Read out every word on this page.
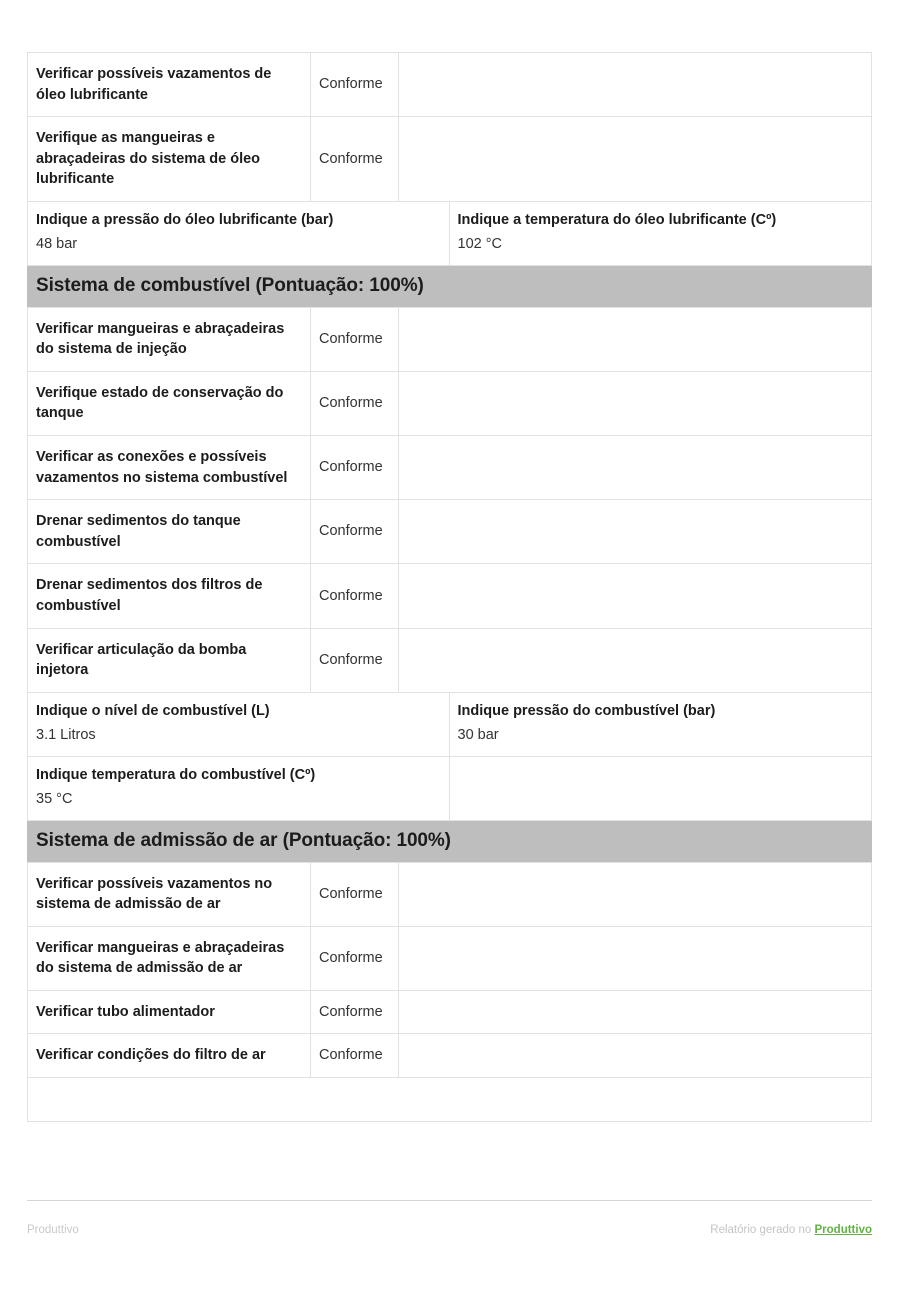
Verificar possíveis vazamentos de óleo lubrificante
Conforme
Verifique as mangueiras e abraçadeiras do sistema de óleo lubrificante
Conforme
Indique a pressão do óleo lubrificante (bar)
48 bar
Indique a temperatura do óleo lubrificante (Cº)
102 °C
Sistema de combustível (Pontuação: 100%)
Verificar mangueiras e abraçadeiras do sistema de injeção
Conforme
Verifique estado de conservação do tanque
Conforme
Verificar as conexões e possíveis vazamentos no sistema combustível
Conforme
Drenar sedimentos do tanque combustível
Conforme
Drenar sedimentos dos filtros de combustível
Conforme
Verificar articulação da bomba injetora
Conforme
Indique o nível de combustível (L)
3.1 Litros
Indique pressão do combustível (bar)
30 bar
Indique temperatura do combustível (Cº)
35 °C
Sistema de admissão de ar (Pontuação: 100%)
Verificar possíveis vazamentos no sistema de admissão de ar
Conforme
Verificar mangueiras e abraçadeiras do sistema de admissão de ar
Conforme
Verificar tubo alimentador	Conforme
Verificar condições do filtro de ar	Conforme
Produttivo	Relatório gerado no Produttivo
